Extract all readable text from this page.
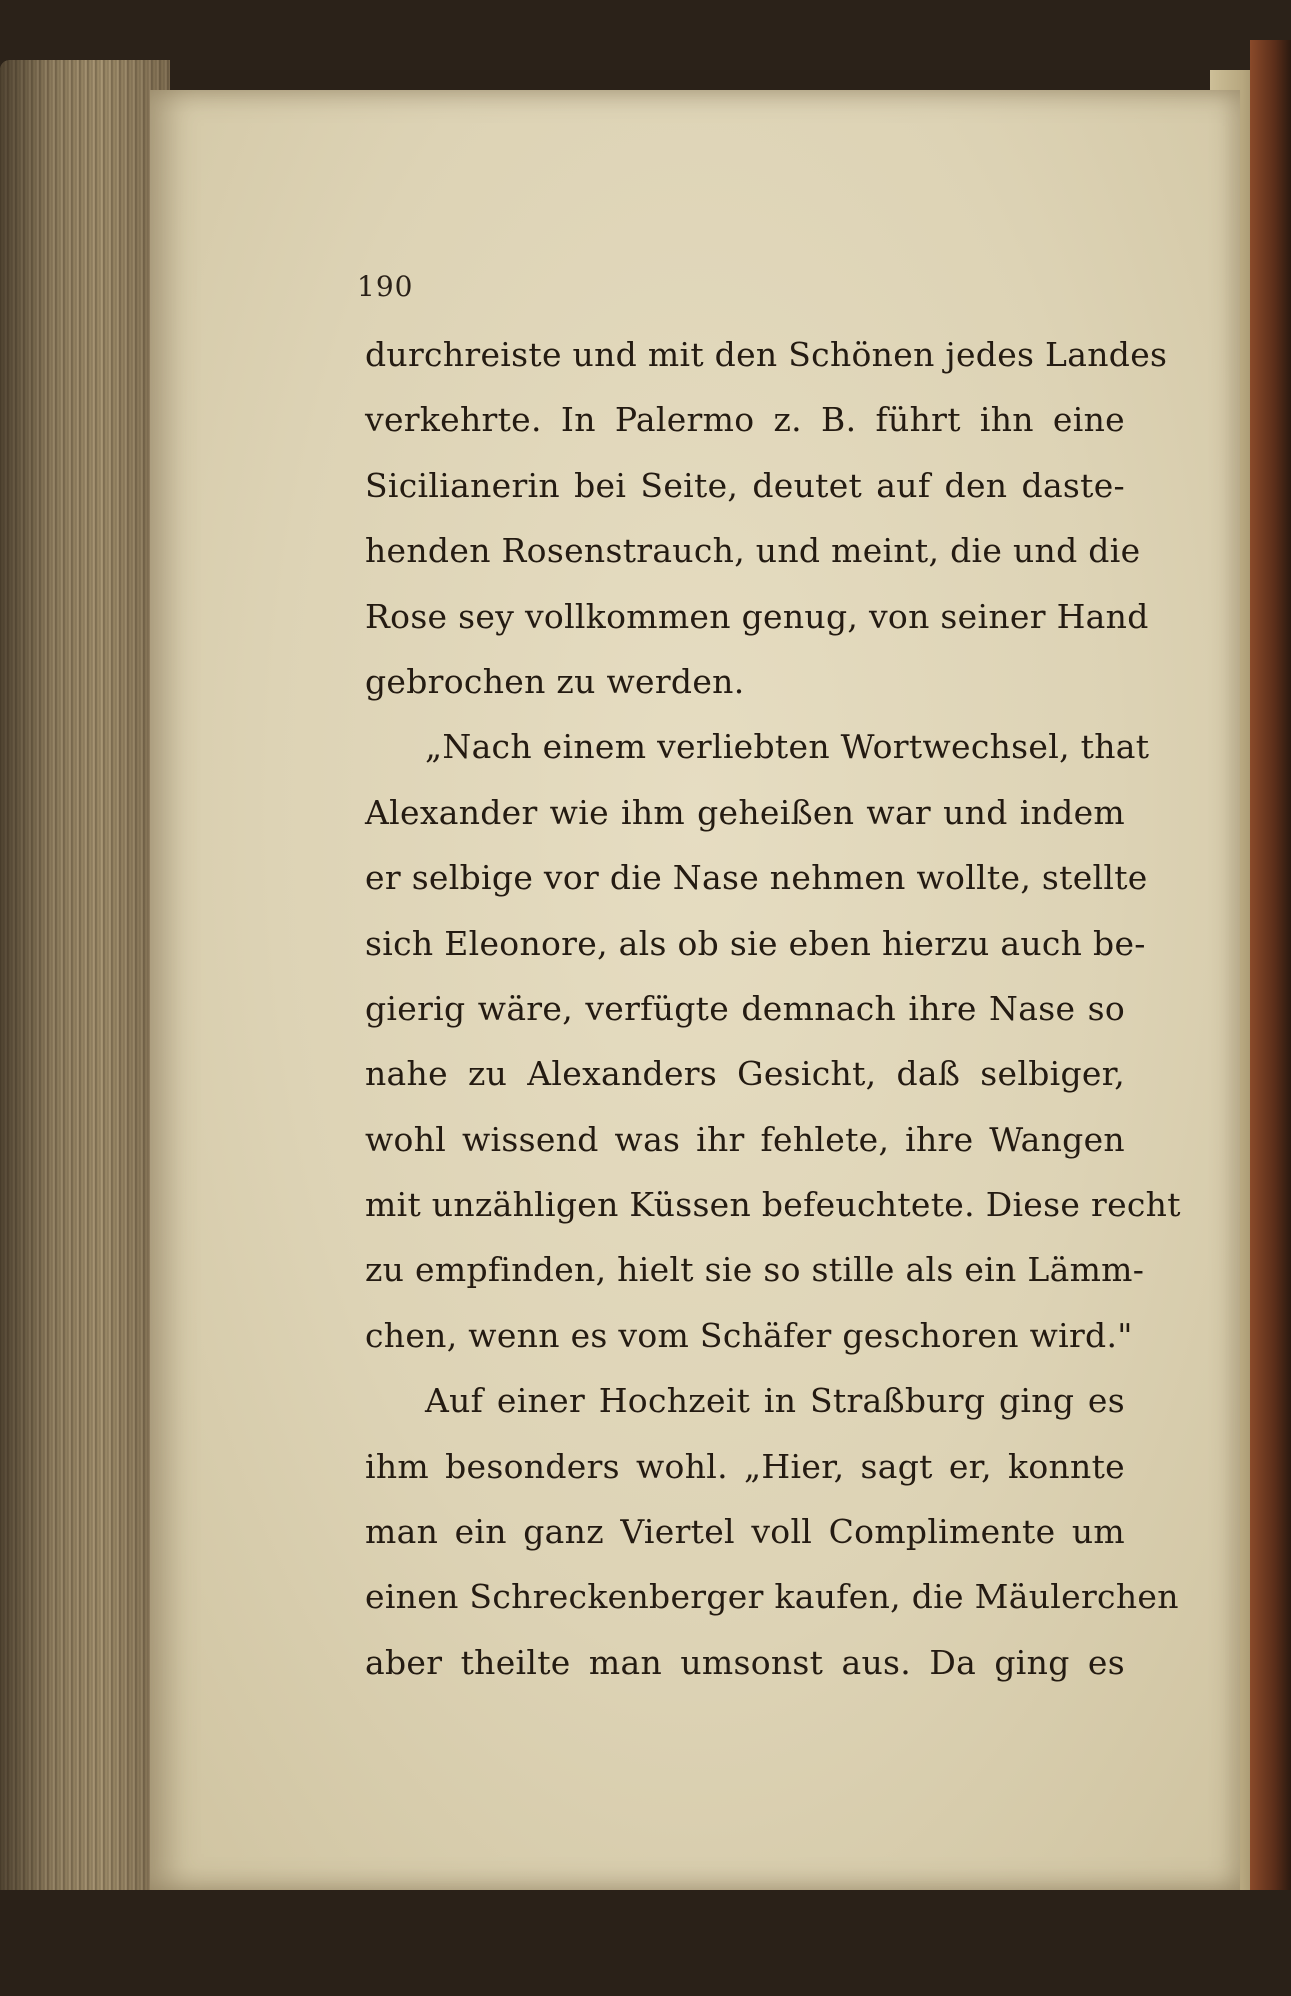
190
durchreiste und mit den Schönen jedes Landes
verkehrte. In Palermo z. B. führt ihn eine
Sicilianerin bei Seite, deutet auf den daste-
henden Rosenstrauch, und meint, die und die
Rose sey vollkommen genug, von seiner Hand
gebrochen zu werden.
„Nach einem verliebten Wortwechsel, that
Alexander wie ihm geheißen war und indem
er selbige vor die Nase nehmen wollte, stellte
sich Eleonore, als ob sie eben hierzu auch be-
gierig wäre, verfügte demnach ihre Nase so
nahe zu Alexanders Gesicht, daß selbiger,
wohl wissend was ihr fehlete, ihre Wangen
mit unzähligen Küssen befeuchtete. Diese recht
zu empfinden, hielt sie so stille als ein Lämm-
chen, wenn es vom Schäfer geschoren wird."
Auf einer Hochzeit in Straßburg ging es
ihm besonders wohl. „Hier, sagt er, konnte
man ein ganz Viertel voll Complimente um
einen Schreckenberger kaufen, die Mäulerchen
aber theilte man umsonst aus. Da ging es
